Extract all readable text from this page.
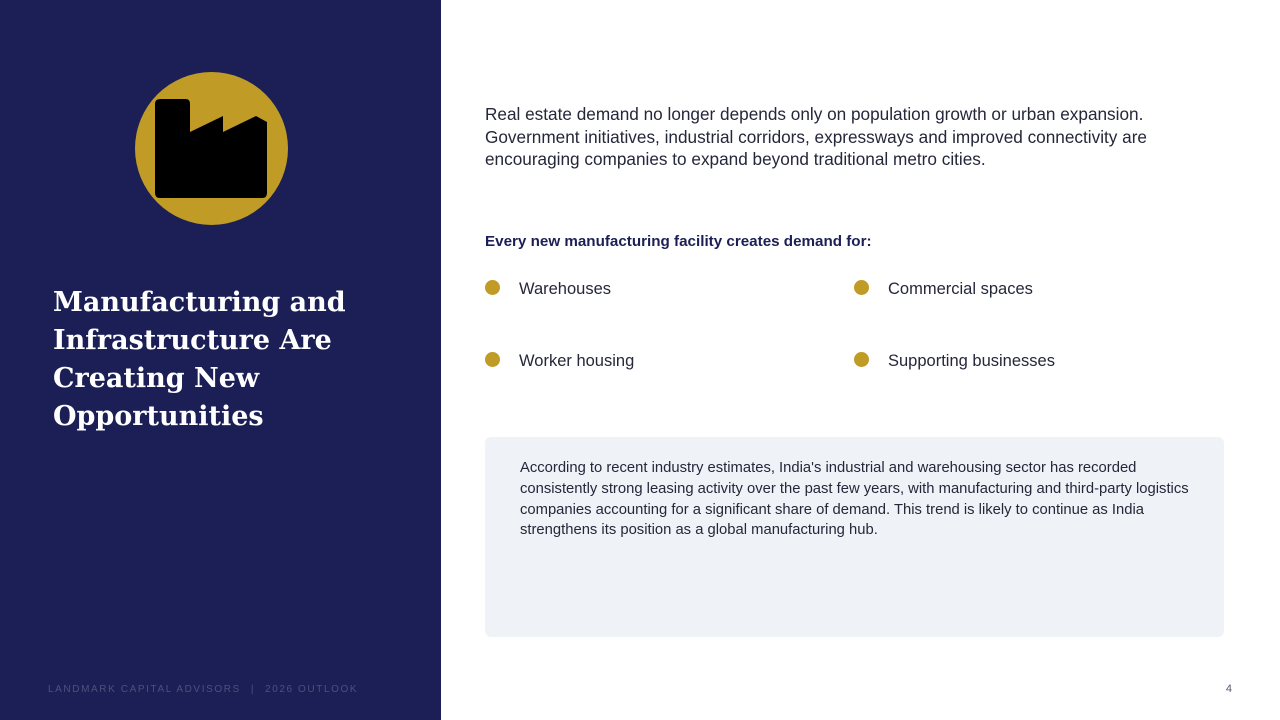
Manufacturing and Infrastructure Are Creating New Opportunities
LANDMARK CAPITAL ADVISORS | 2026 OUTLOOK

Real estate demand no longer depends only on population growth or urban expansion. Government initiatives, industrial corridors, expressways and improved connectivity are encouraging companies to expand beyond traditional metro cities.

Every new manufacturing facility creates demand for:

Warehouses	Commercial spaces
Worker housing	Supporting businesses

According to recent industry estimates, India's industrial and warehousing sector has recorded consistently strong leasing activity over the past few years, with manufacturing and third-party logistics companies accounting for a significant share of demand. This trend is likely to continue as India strengthens its position as a global manufacturing hub.

4
